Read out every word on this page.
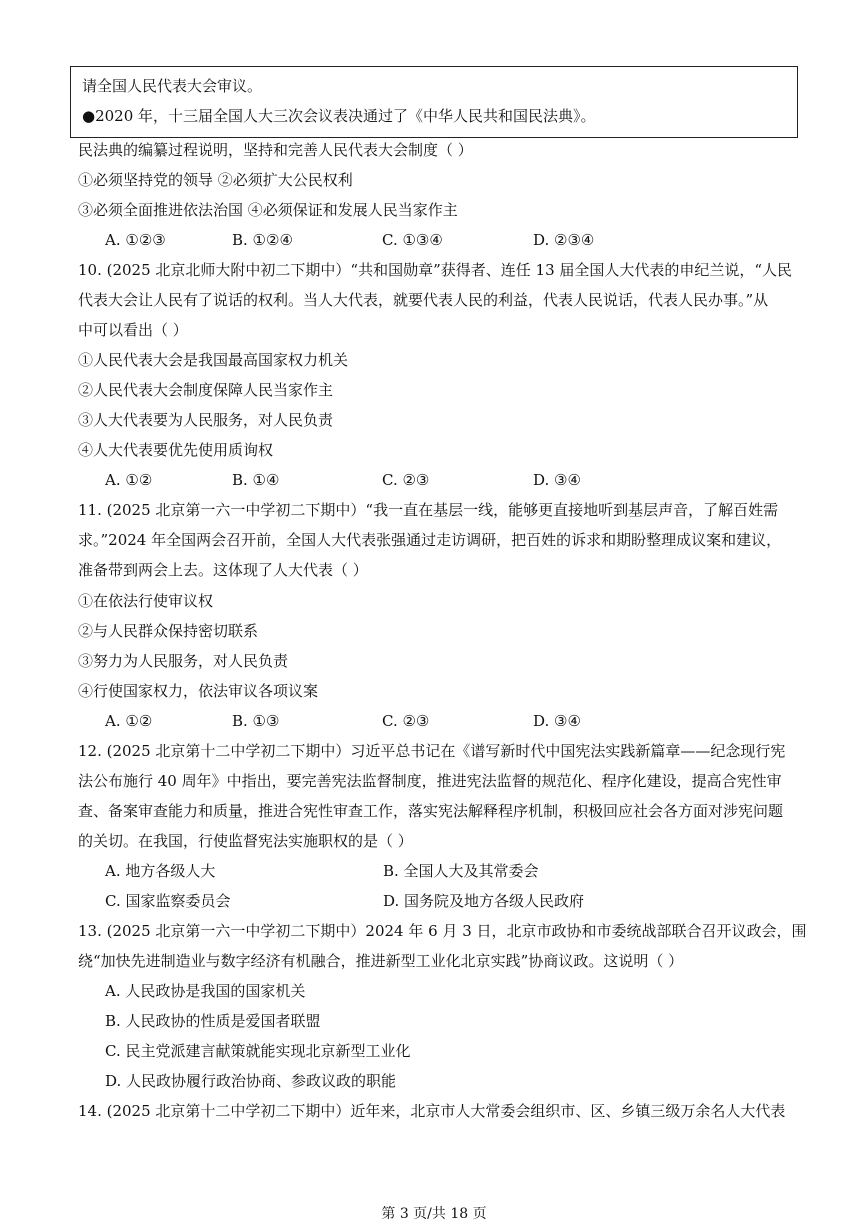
请全国人民代表大会审议。
●2020 年，十三届全国人大三次会议表决通过了《中华人民共和国民法典》。
民法典的编纂过程说明，坚持和完善人民代表大会制度（ ）
①必须坚持党的领导 ②必须扩大公民权利
③必须全面推进依法治国 ④必须保证和发展人民当家作主
A. ①②③	B. ①②④	C. ①③④	D. ②③④
10. (2025 北京北师大附中初二下期中）“共和国勋章”获得者、连任 13 届全国人大代表的申纪兰说，“人民
代表大会让人民有了说话的权利。当人大代表，就要代表人民的利益，代表人民说话，代表人民办事。”从
中可以看出（ ）
①人民代表大会是我国最高国家权力机关
②人民代表大会制度保障人民当家作主
③人大代表要为人民服务，对人民负责
④人大代表要优先使用质询权
A. ①②	B. ①④	C. ②③	D. ③④
11. (2025 北京第一六一中学初二下期中）“我一直在基层一线，能够更直接地听到基层声音，了解百姓需
求。”2024 年全国两会召开前，全国人大代表张强通过走访调研，把百姓的诉求和期盼整理成议案和建议，
准备带到两会上去。这体现了人大代表（ ）
①在依法行使审议权
②与人民群众保持密切联系
③努力为人民服务，对人民负责
④行使国家权力，依法审议各项议案
A. ①②	B. ①③	C. ②③	D. ③④
12. (2025 北京第十二中学初二下期中）习近平总书记在《谱写新时代中国宪法实践新篇章——纪念现行宪
法公布施行 40 周年》中指出，要完善宪法监督制度，推进宪法监督的规范化、程序化建设，提高合宪性审
查、备案审查能力和质量，推进合宪性审查工作，落实宪法解释程序机制，积极回应社会各方面对涉宪问题
的关切。在我国，行使监督宪法实施职权的是（ ）
A. 地方各级人大	B. 全国人大及其常委会
C. 国家监察委员会	D. 国务院及地方各级人民政府
13. (2025 北京第一六一中学初二下期中）2024 年 6 月 3 日，北京市政协和市委统战部联合召开议政会，围
绕“加快先进制造业与数字经济有机融合，推进新型工业化北京实践”协商议政。这说明（ ）
A. 人民政协是我国的国家机关
B. 人民政协的性质是爱国者联盟
C. 民主党派建言献策就能实现北京新型工业化
D. 人民政协履行政治协商、参政议政的职能
14. (2025 北京第十二中学初二下期中）近年来，北京市人大常委会组织市、区、乡镇三级万余名人大代表
第 3 页/共 18 页
